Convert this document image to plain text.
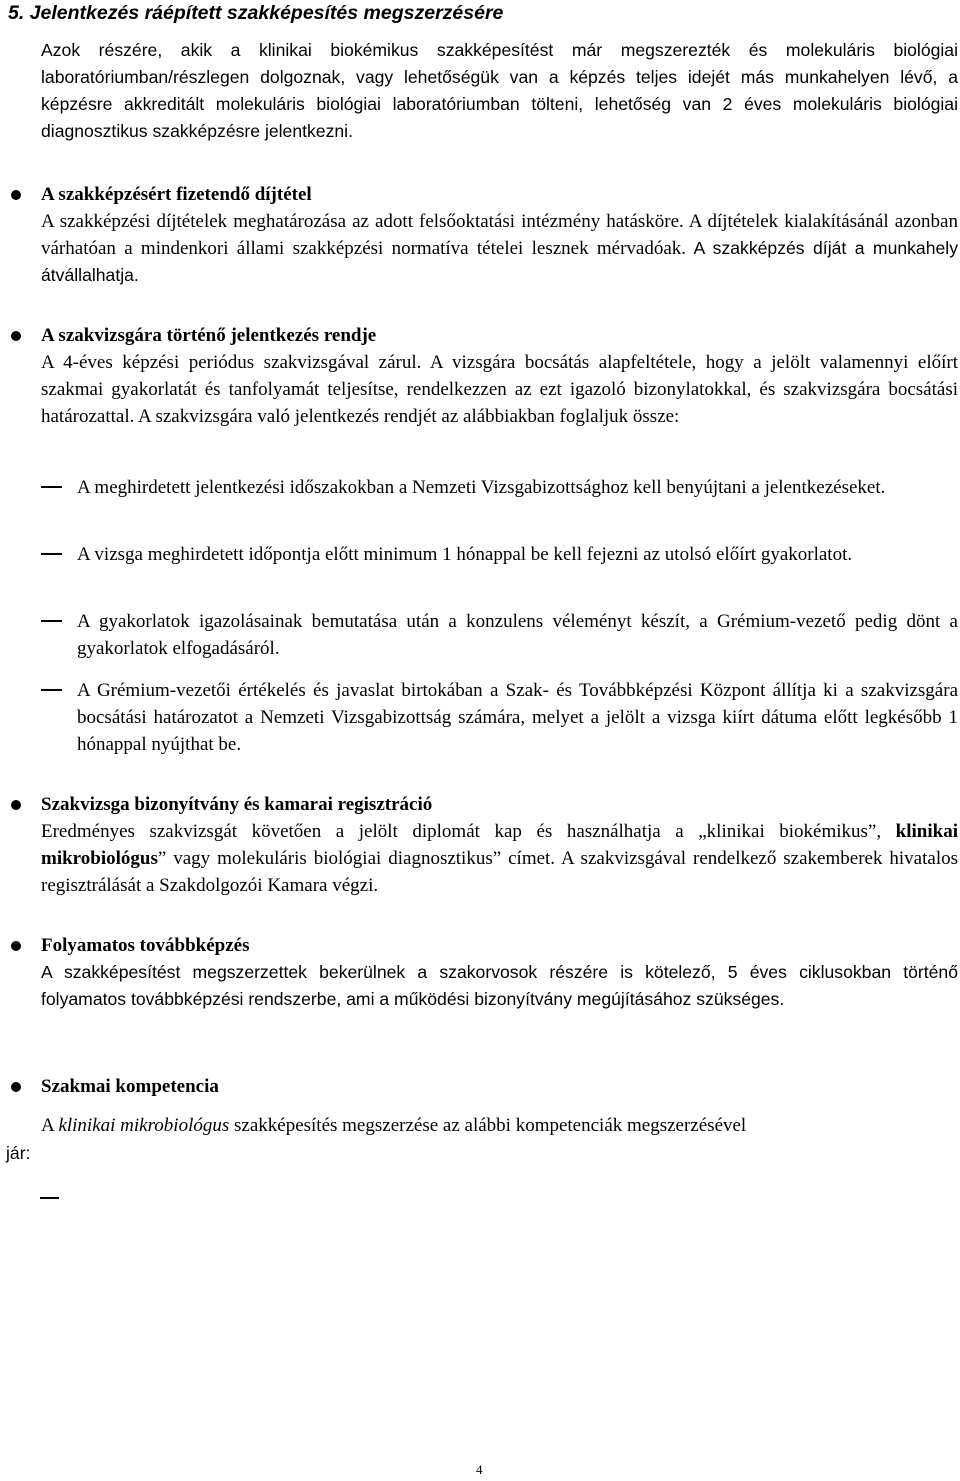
5. Jelentkezés ráépített szakképesítés megszerzésére
Azok részére, akik a klinikai biokémikus szakképesítést már megszerezték és molekuláris biológiai laboratóriumban/részlegen dolgoznak, vagy lehetőségük van a képzés teljes idejét más munkahelyen lévő, a képzésre akkreditált molekuláris biológiai laboratóriumban tölteni, lehetőség van 2 éves molekuláris biológiai diagnosztikus szakképzésre jelentkezni.
A szakképzésért fizetendő díjtétel
A szakképzési díjtételek meghatározása az adott felsőoktatási intézmény hatásköre. A díjtételek kialakításánál azonban várhatóan a mindenkori állami szakképzési normatíva tételei lesznek mérvadóak. A szakképzés díját a munkahely átvállalhatja.
A szakvizsgára történő jelentkezés rendje
A 4-éves képzési periódus szakvizsgával zárul. A vizsgára bocsátás alapfeltétele, hogy a jelölt valamennyi előírt szakmai gyakorlatát és tanfolyamát teljesítse, rendelkezzen az ezt igazoló bizonylatokkal, és szakvizsgára bocsátási határozattal. A szakvizsgára való jelentkezés rendjét az alábbiakban foglaljuk össze:
A meghirdetett jelentkezési időszakokban a Nemzeti Vizsgabizottsághoz kell benyújtani a jelentkezéseket.
A vizsga meghirdetett időpontja előtt minimum 1 hónappal be kell fejezni az utolsó előírt gyakorlatot.
A gyakorlatok igazolásainak bemutatása után a konzulens véleményt készít, a Grémium-vezető pedig dönt a gyakorlatok elfogadásáról.
A Grémium-vezetői értékelés és javaslat birtokában a Szak- és Továbbképzési Központ állítja ki a szakvizsgára bocsátási határozatot a Nemzeti Vizsgabizottság számára, melyet a jelölt a vizsga kiírt dátuma előtt legkésőbb 1 hónappal nyújthat be.
Szakvizsga bizonyítvány és kamarai regisztráció
Eredményes szakvizsgát követően a jelölt diplomát kap és használhatja a „klinikai biokémikus”, klinikai mikrobiológus” vagy molekuláris biológiai diagnosztikus” címet. A szakvizsgával rendelkező szakemberek hivatalos regisztrálását a Szakdolgozói Kamara végzi.
Folyamatos továbbképzés
A szakképesítést megszerzettek bekerülnek a szakorvosok részére is kötelező, 5 éves ciklusokban történő folyamatos továbbképzési rendszerbe, ami a működési bizonyítvány megújításához szükséges.
Szakmai kompetencia
A klinikai mikrobiológus szakképesítés megszerzése az alábbi kompetenciák megszerzésével
jár:
4
